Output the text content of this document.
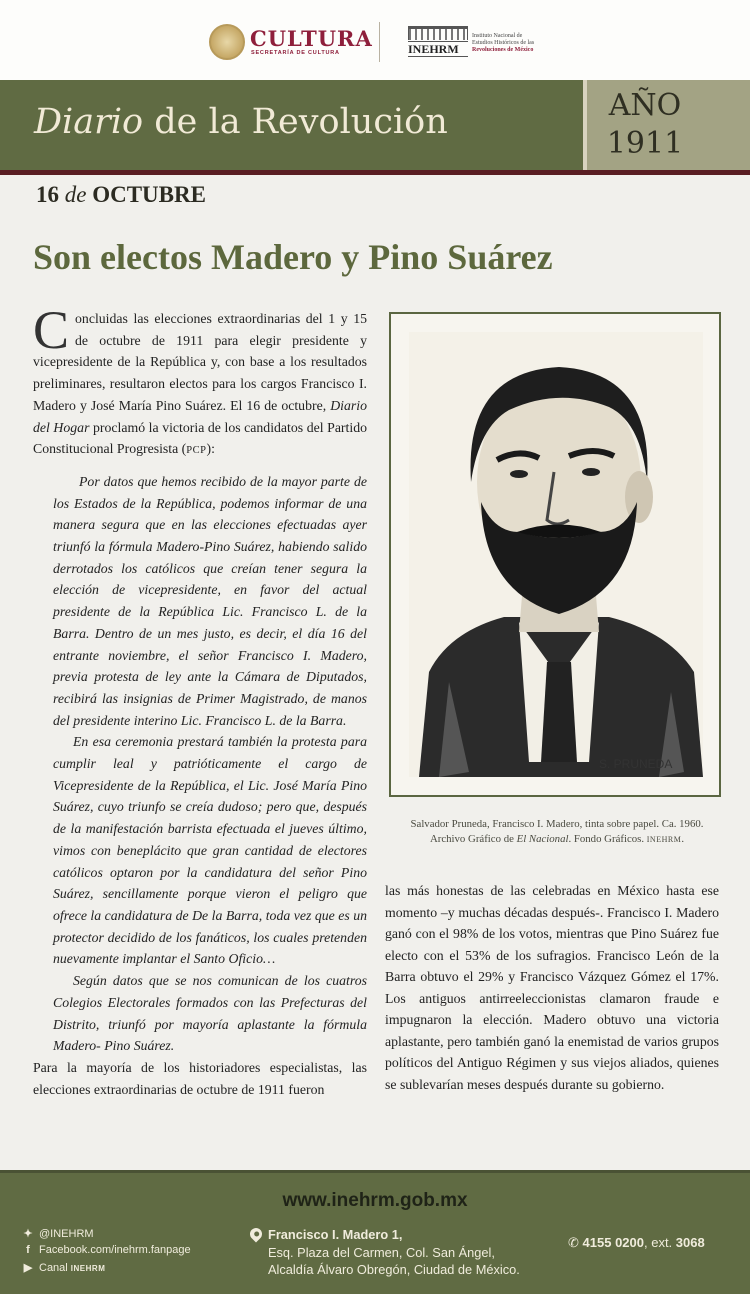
CULTURA
SECRETARÍA DE CULTURA	INEHRM
Instituto Nacional de
Estudios Históricos de las
Revoluciones de México
Diario de la Revolución	AÑO
1911
16 de OCTUBRE
Son electos Madero y Pino Suárez

Concluidas las elecciones extraordinarias del 1 y 15 de octubre de 1911 para elegir presidente y vicepresidente de la República y, con base a los resultados preliminares, resultaron electos para los cargos Francisco I. Madero y José María Pino Suárez. El 16 de octubre, Diario del Hogar proclamó la victoria de los candidatos del Partido Constitucional Progresista (PCP):

Por datos que hemos recibido de la mayor parte de los Estados de la República, podemos informar de una manera segura que en las elecciones efectuadas ayer triunfó la fórmula Madero-Pino Suárez, habiendo salido derrotados los católicos que creían tener segura la elección de vicepresidente, en favor del actual presidente de la República Lic. Francisco L. de la Barra. Dentro de un mes justo, es decir, el día 16 del entrante noviembre, el señor Francisco I. Madero, previa protesta de ley ante la Cámara de Diputados, recibirá las insignias de Primer Magistrado, de manos del presidente interino Lic. Francisco L. de la Barra.

En esa ceremonia prestará también la protesta para cumplir leal y patrióticamente el cargo de Vicepresidente de la República, el Lic. José María Pino Suárez, cuyo triunfo se creía dudoso; pero que, después de la manifestación barrista efectuada el jueves último, vimos con beneplácito que gran cantidad de electores católicos optaron por la candidatura del señor Pino Suárez, sencillamente porque vieron el peligro que ofrece la candidatura de De la Barra, toda vez que es un protector decidido de los fanáticos, los cuales pretenden nuevamente implantar el Santo Oficio…

Según datos que se nos comunican de los cuatros Colegios Electorales formados con las Prefecturas del Distrito, triunfó por mayoría aplastante la fórmula Madero- Pino Suárez.

Para la mayoría de los historiadores especialistas, las elecciones extraordinarias de octubre de 1911 fueron

S. PRUNEDA
Salvador Pruneda, Francisco I. Madero, tinta sobre papel. Ca. 1960.
Archivo Gráfico de El Nacional. Fondo Gráficos. INEHRM.
las más honestas de las celebradas en México hasta ese momento –y muchas décadas después-. Francisco I. Madero ganó con el 98% de los votos, mientras que Pino Suárez fue electo con el 53% de los sufragios. Francisco León de la Barra obtuvo el 29% y Francisco Vázquez Gómez el 17%. Los antiguos antirreeleccionistas clamaron fraude e impugnaron la elección. Madero obtuvo una victoria aplastante, pero también ganó la enemistad de varios grupos políticos del Antiguo Régimen y sus viejos aliados, quienes se sublevarían meses después durante su gobierno.
www.inehrm.gob.mx
✦ @INEHRM
f Facebook.com/inehrm.fanpage
▶ Canal INEHRM
Francisco I. Madero 1,
Esq. Plaza del Carmen, Col. San Ángel,
Alcaldía Álvaro Obregón, Ciudad de México.
✆ 4155 0200, ext. 3068
